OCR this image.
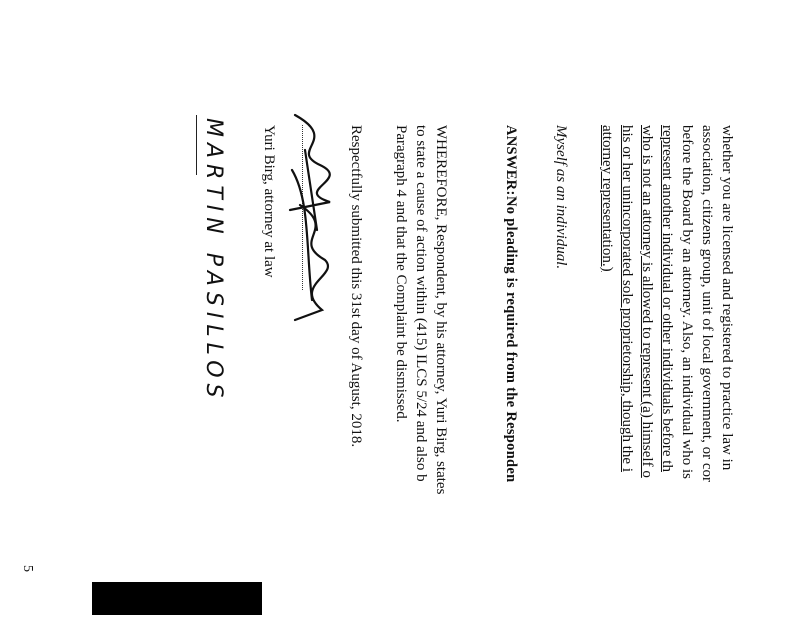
whether you are licensed and registered to practice law in
association, citizens group, unit of local government, or cor
before the Board by an attorney. Also, an individual who is
represent another individual or other individuals before th
who is not an attorney is allowed to represent (a) himself o
his or her unincorporated sole proprietorship, though the i
attorney representation.)
Myself as an individual.
ANSWER:
No pleading is required from the Responden
WHEREFORE, Respondent, by his attorney, Yuri Birg, states
to state a cause of action within (415) ILCS 5/24 and also b
Paragraph 4 and that the Complaint be dismissed.
Respectfully submitted this 31st day of August, 2018.
Yuri Birg, attorney at law
MARTIN PASILLOS
5
